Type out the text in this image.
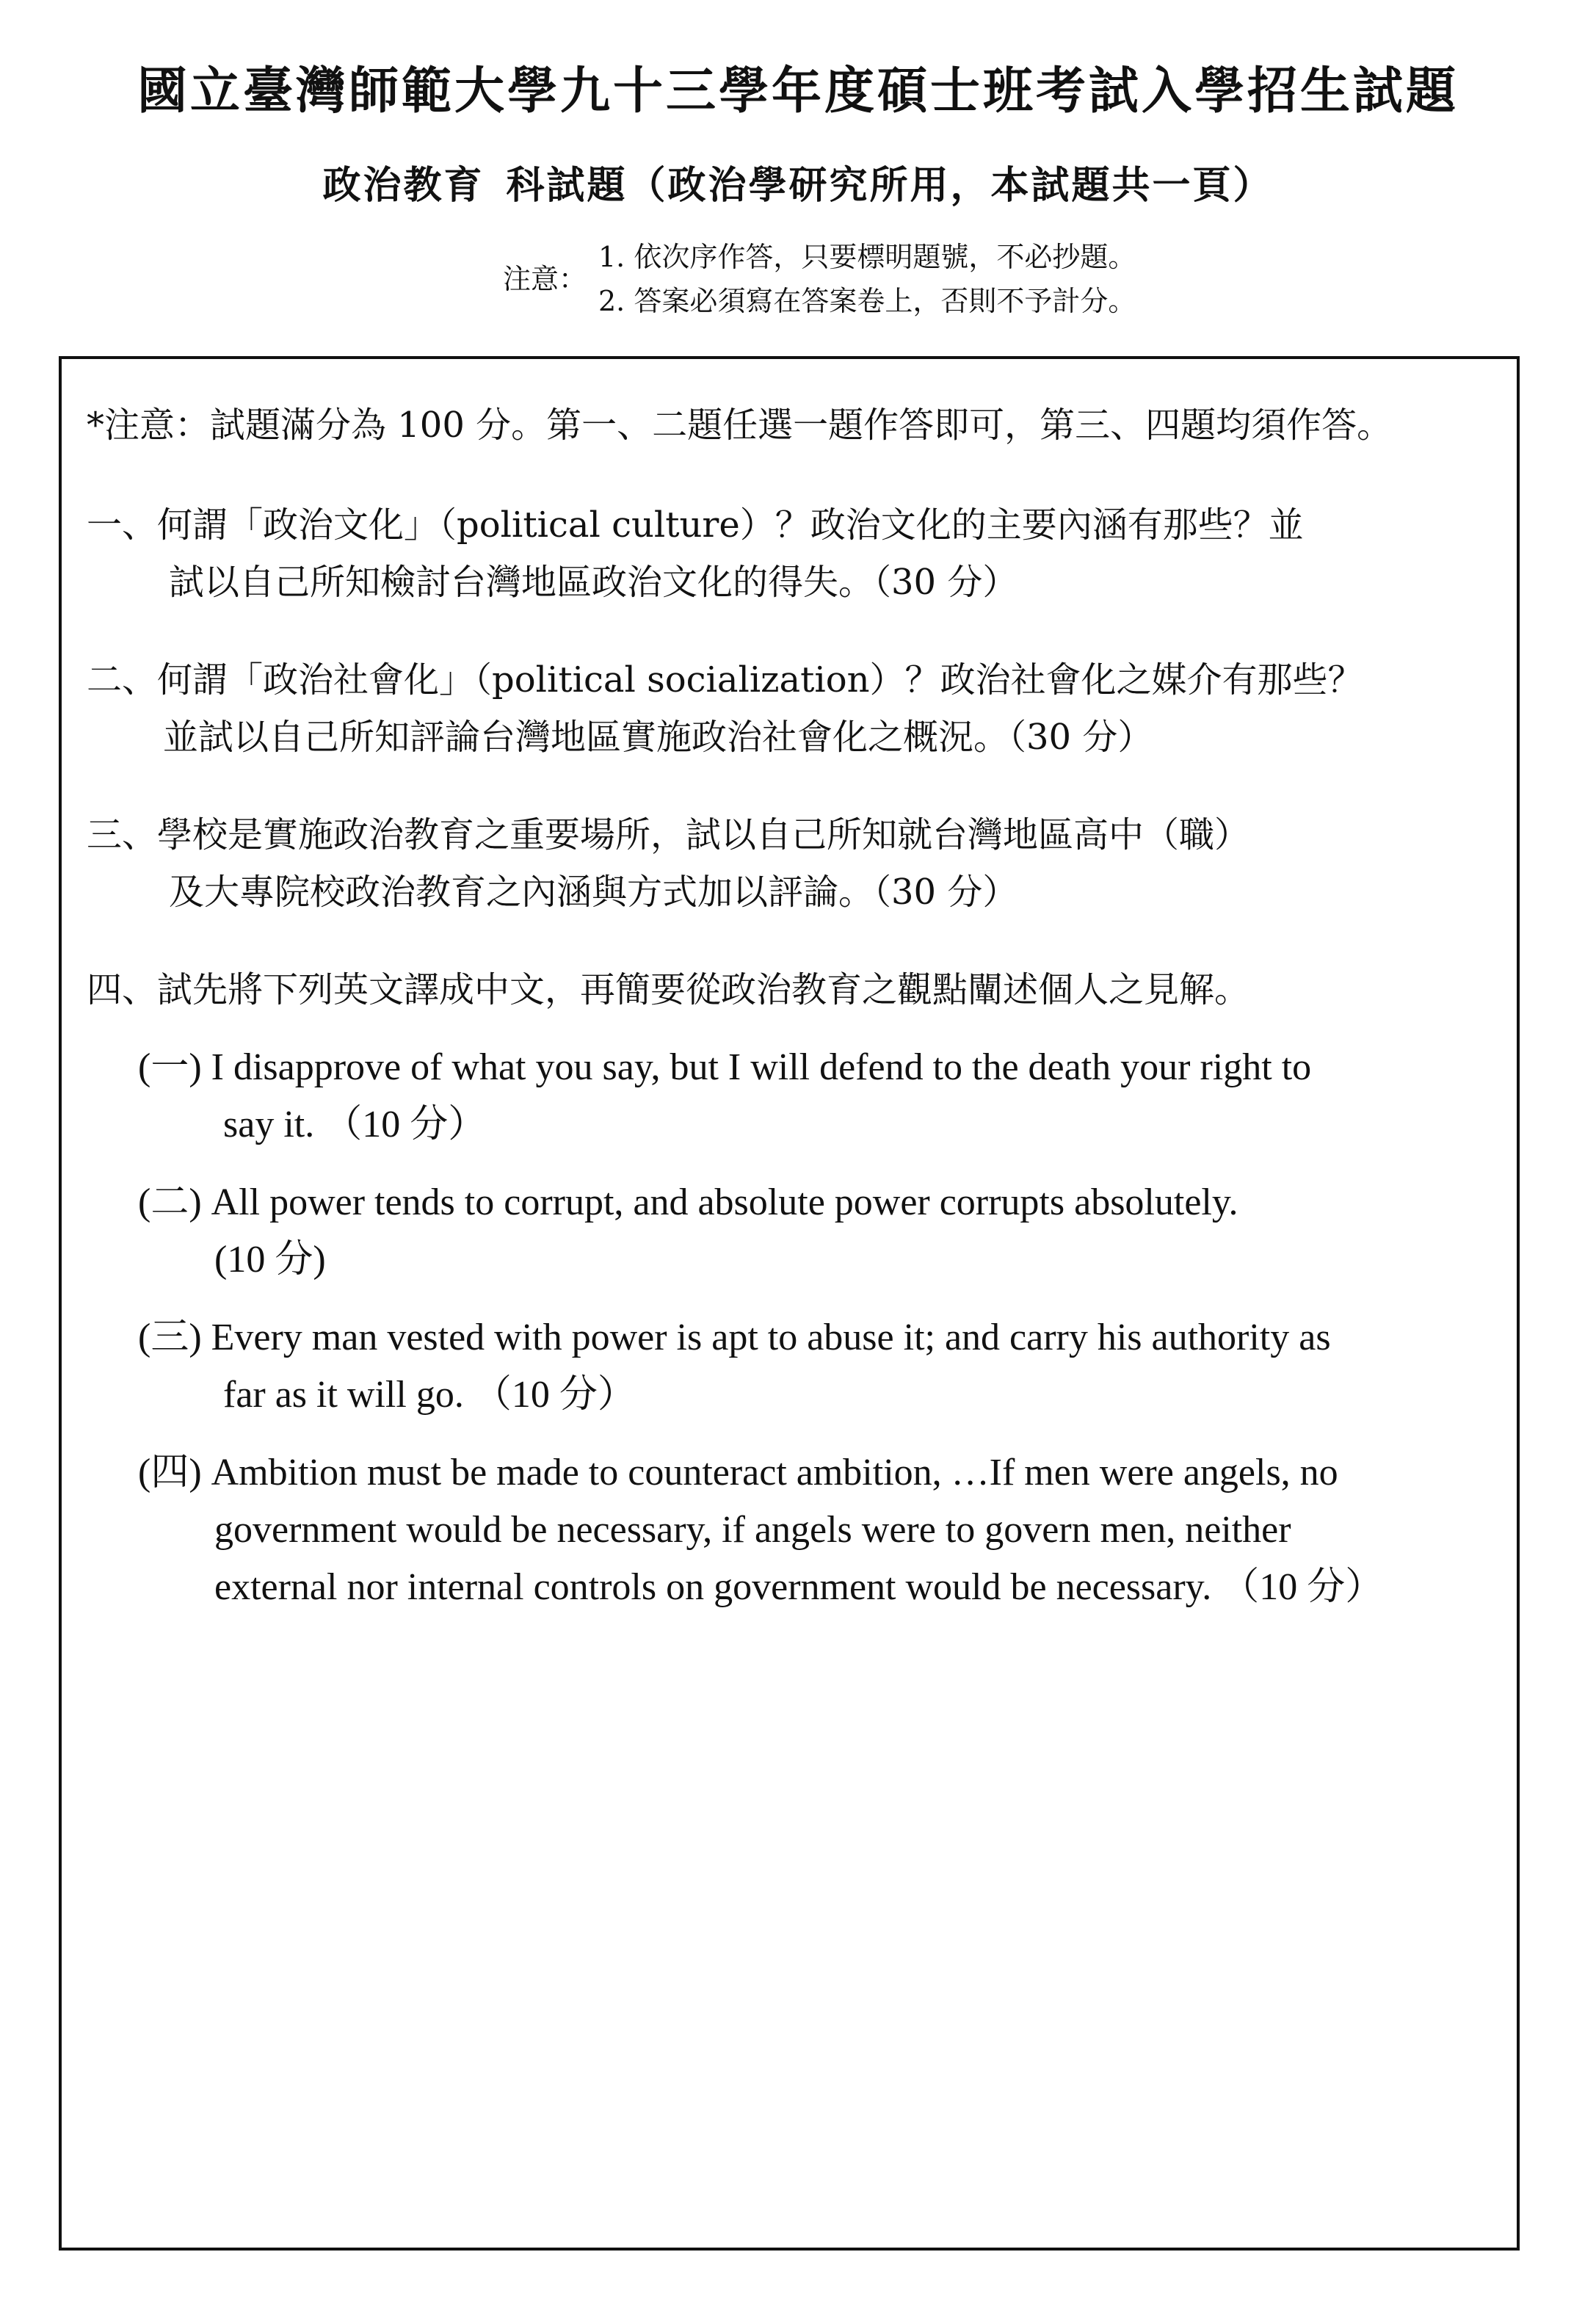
國立臺灣師範大學九十三學年度碩士班考試入學招生試題
政治教育 科試題（政治學研究所用，本試題共一頁）
注意：
1. 依次序作答，只要標明題號，不必抄題。
2. 答案必須寫在答案卷上，否則不予計分。
*注意：試題滿分為 100 分。第一、二題任選一題作答即可，第三、四題均須作答。
一、何謂「政治文化」（political culture）？政治文化的主要內涵有那些？並
試以自己所知檢討台灣地區政治文化的得失。（30 分）
二、何謂「政治社會化」（political socialization）？政治社會化之媒介有那些？
並試以自己所知評論台灣地區實施政治社會化之概況。（30 分）
三、學校是實施政治教育之重要場所，試以自己所知就台灣地區高中（職）
及大專院校政治教育之內涵與方式加以評論。（30 分）
四、試先將下列英文譯成中文，再簡要從政治教育之觀點闡述個人之見解。
(一) I disapprove of what you say, but I will defend to the death your right to
say it. （10 分）
(二) All power tends to corrupt, and absolute power corrupts absolutely.
(10 分)
(三) Every man vested with power is apt to abuse it; and carry his authority as
far as it will go. （10 分）
(四) Ambition must be made to counteract ambition, …If men were angels, no
government would be necessary, if angels were to govern men, neither
external nor internal controls on government would be necessary. （10 分）
